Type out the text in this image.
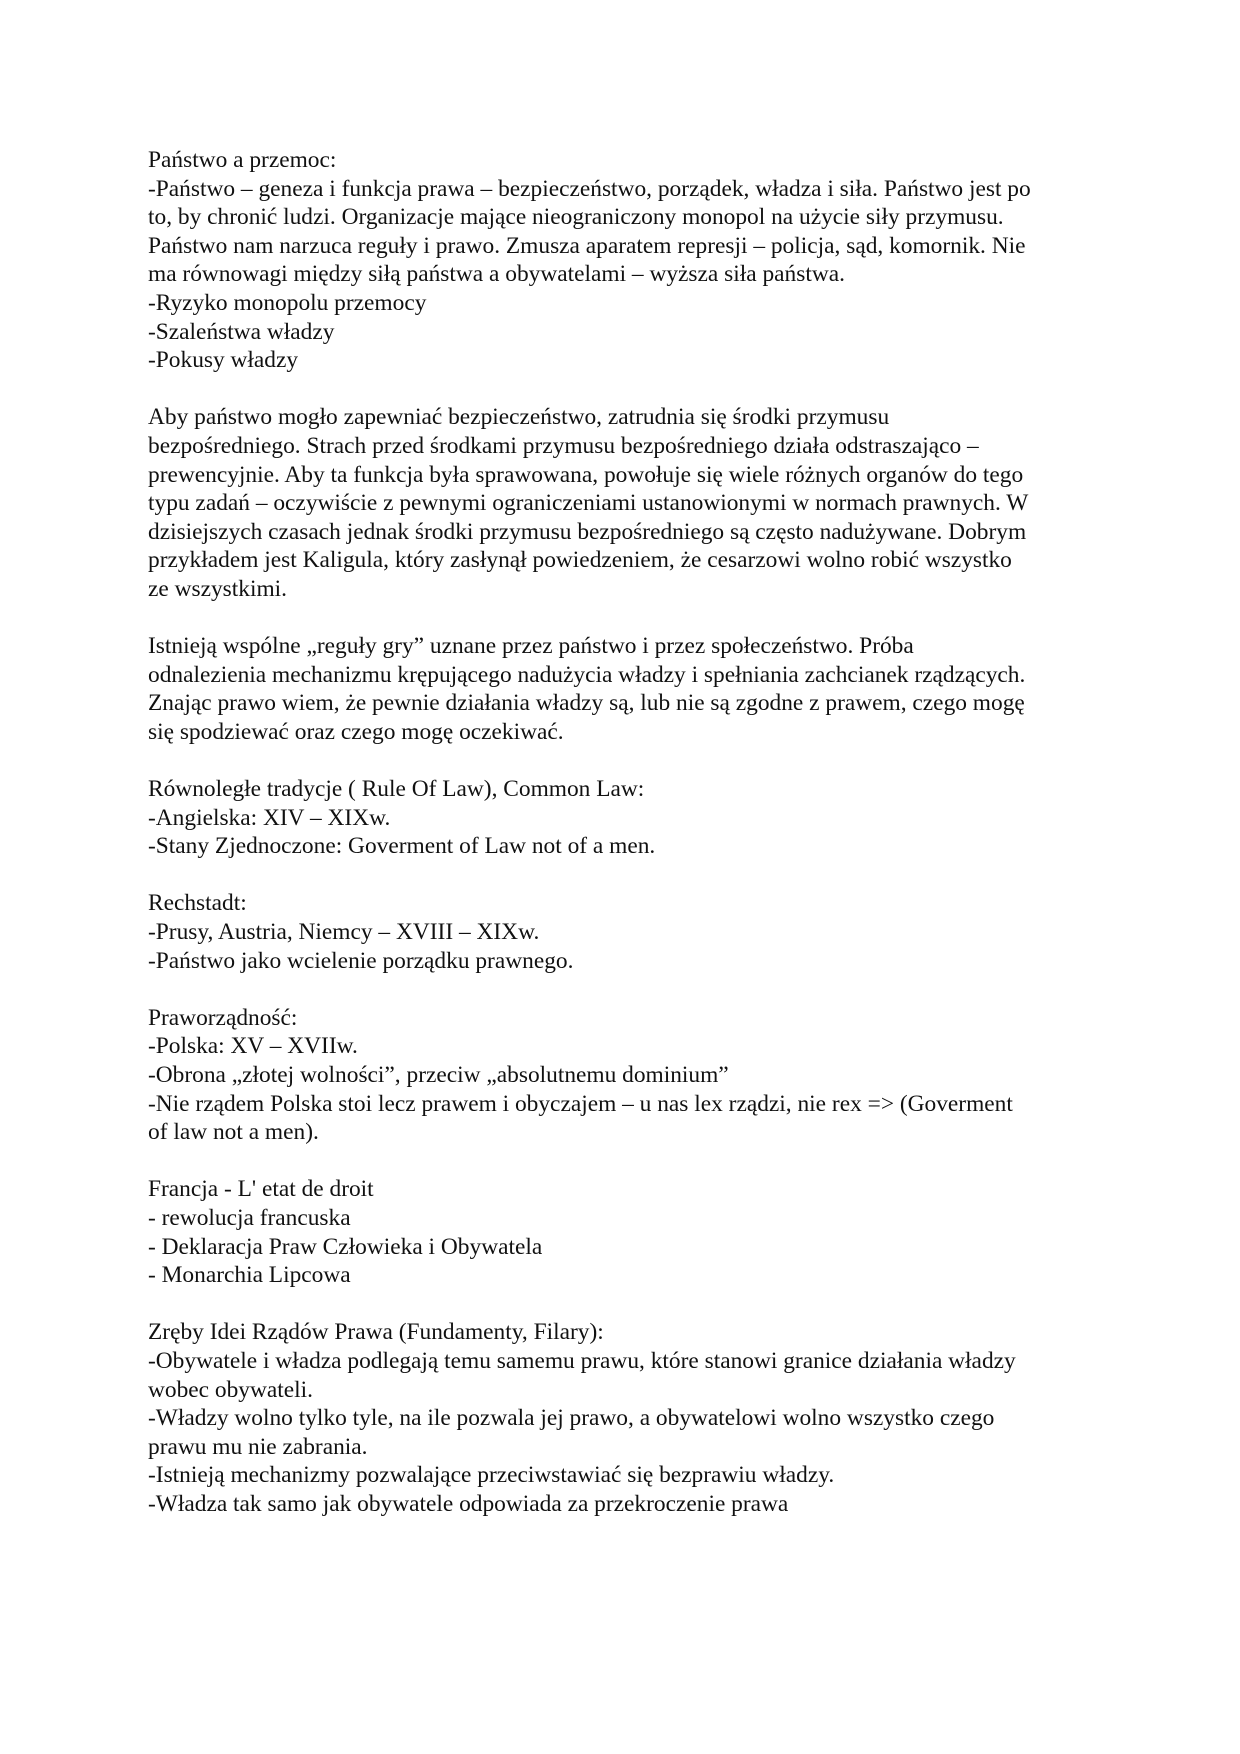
Państwo a przemoc:
-Państwo – geneza i funkcja prawa – bezpieczeństwo, porządek, władza i siła. Państwo jest po
to, by chronić ludzi. Organizacje mające nieograniczony monopol na użycie siły przymusu.
Państwo nam narzuca reguły i prawo. Zmusza aparatem represji – policja, sąd, komornik. Nie
ma równowagi między siłą państwa a obywatelami – wyższa siła państwa.
-Ryzyko monopolu przemocy
-Szaleństwa władzy
-Pokusy władzy
Aby państwo mogło zapewniać bezpieczeństwo, zatrudnia się środki przymusu
bezpośredniego. Strach przed środkami przymusu bezpośredniego działa odstraszająco –
prewencyjnie. Aby ta funkcja była sprawowana, powołuje się wiele różnych organów do tego
typu zadań – oczywiście z pewnymi ograniczeniami ustanowionymi w normach prawnych. W
dzisiejszych czasach jednak środki przymusu bezpośredniego są często nadużywane. Dobrym
przykładem jest Kaligula, który zasłynął powiedzeniem, że cesarzowi wolno robić wszystko
ze wszystkimi.
Istnieją wspólne „reguły gry” uznane przez państwo i przez społeczeństwo. Próba
odnalezienia mechanizmu krępującego nadużycia władzy i spełniania zachcianek rządzących.
Znając prawo wiem, że pewnie działania władzy są, lub nie są zgodne z prawem, czego mogę
się spodziewać oraz czego mogę oczekiwać.
Równoległe tradycje ( Rule Of Law), Common Law:
-Angielska: XIV – XIXw.
-Stany Zjednoczone: Goverment of Law not of a men.
Rechstadt:
-Prusy, Austria, Niemcy – XVIII – XIXw.
-Państwo jako wcielenie porządku prawnego.
Praworządność:
-Polska: XV – XVIIw.
-Obrona „złotej wolności”, przeciw „absolutnemu dominium”
-Nie rządem Polska stoi lecz prawem i obyczajem – u nas lex rządzi, nie rex => (Goverment
of law not a men).
Francja - L' etat de droit
- rewolucja francuska
- Deklaracja Praw Człowieka i Obywatela
- Monarchia Lipcowa
Zręby Idei Rządów Prawa (Fundamenty, Filary):
-Obywatele i władza podlegają temu samemu prawu, które stanowi granice działania władzy
wobec obywateli.
-Władzy wolno tylko tyle, na ile pozwala jej prawo, a obywatelowi wolno wszystko czego
prawu mu nie zabrania.
-Istnieją mechanizmy pozwalające przeciwstawiać się bezprawiu władzy.
-Władza tak samo jak obywatele odpowiada za przekroczenie prawa
